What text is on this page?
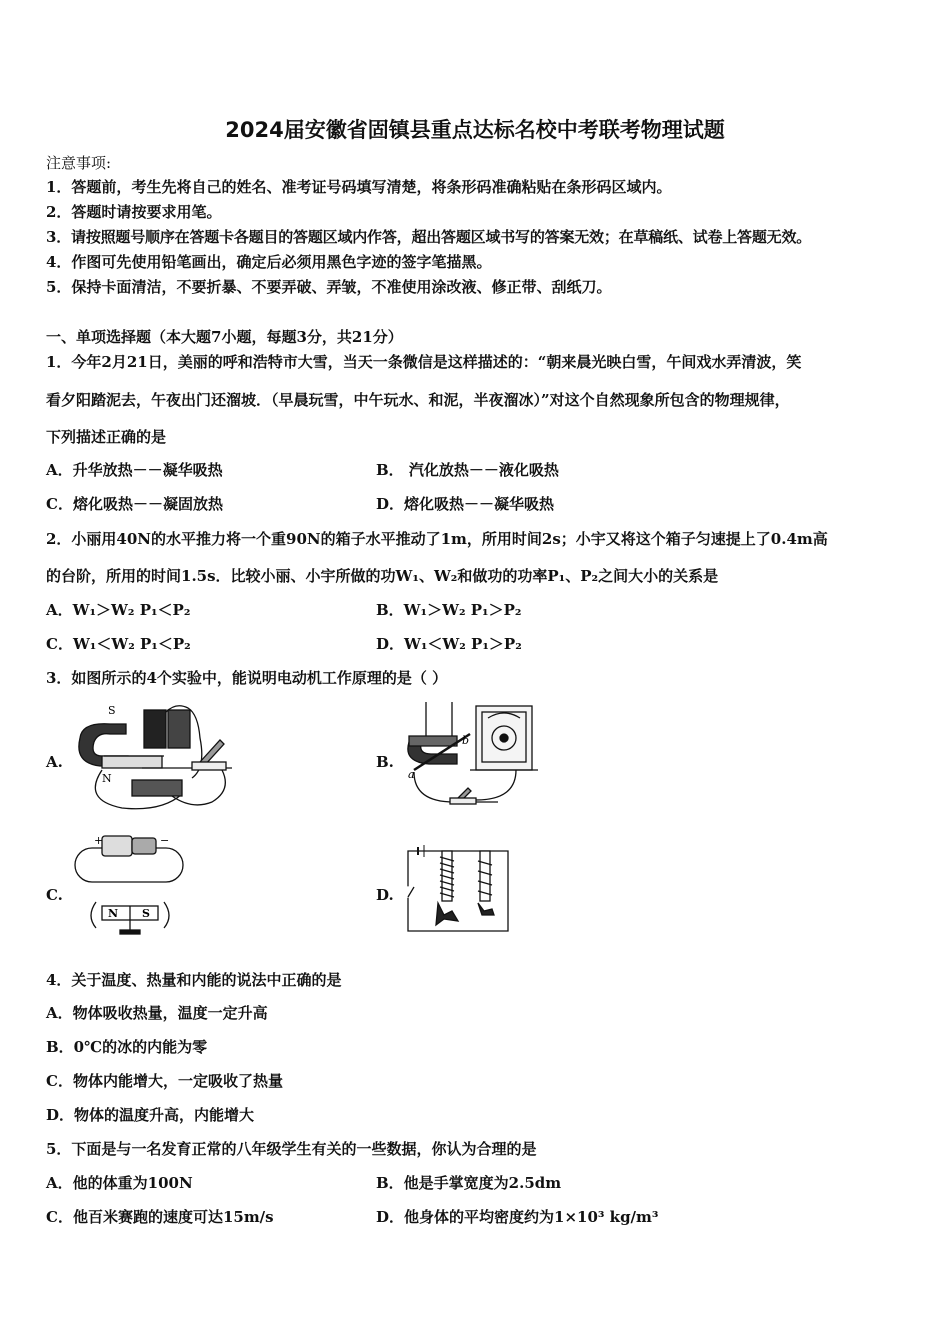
2024届安徽省固镇县重点达标名校中考联考物理试题
注意事项:
1．答题前，考生先将自己的姓名、准考证号码填写清楚，将条形码准确粘贴在条形码区域内。
2．答题时请按要求用笔。
3．请按照题号顺序在答题卡各题目的答题区域内作答，超出答题区域书写的答案无效；在草稿纸、试卷上答题无效。
4．作图可先使用铅笔画出，确定后必须用黑色字迹的签字笔描黑。
5．保持卡面清洁，不要折暴、不要弄破、弄皱，不准使用涂改液、修正带、刮纸刀。
一、单项选择题（本大题7小题，每题3分，共21分）
1．今年2月21日，美丽的呼和浩特市大雪，当天一条微信是这样描述的：“朝来晨光映白雪，午间戏水弄清波，笑
看夕阳踏泥去，午夜出门还溜坡．（早晨玩雪，中午玩水、和泥，半夜溜冰）”对这个自然现象所包含的物理规律，
下列描述正确的是
A．升华放热－－凝华吸热	B． 汽化放热－－液化吸热
C．熔化吸热－－凝固放热	D．熔化吸热－－凝华吸热
2．小丽用40N的水平推力将一个重90N的箱子水平推动了1m，所用时间2s；小宇又将这个箱子匀速提上了0.4m高
的台阶，所用的时间1.5s．比较小丽、小宇所做的功W₁、W₂和做功的功率P₁、P₂之间大小的关系是
A．W₁＞W₂ P₁＜P₂	B．W₁＞W₂ P₁＞P₂
C．W₁＜W₂ P₁＜P₂	D．W₁＜W₂ P₁＞P₂
3．如图所示的4个实验中，能说明电动机工作原理的是（ ）
A.	B.
C.	D.
S
N	a
b
+	−
N S
4．关于温度、热量和内能的说法中正确的是
A．物体吸收热量，温度一定升高
B．0℃的冰的内能为零
C．物体内能增大，一定吸收了热量
D．物体的温度升高，内能增大
5．下面是与一名发育正常的八年级学生有关的一些数据，你认为合理的是
A．他的体重为100N	B．他是手掌宽度为2.5dm
C．他百米赛跑的速度可达15m/s	D．他身体的平均密度约为1×10³ kg/m³
